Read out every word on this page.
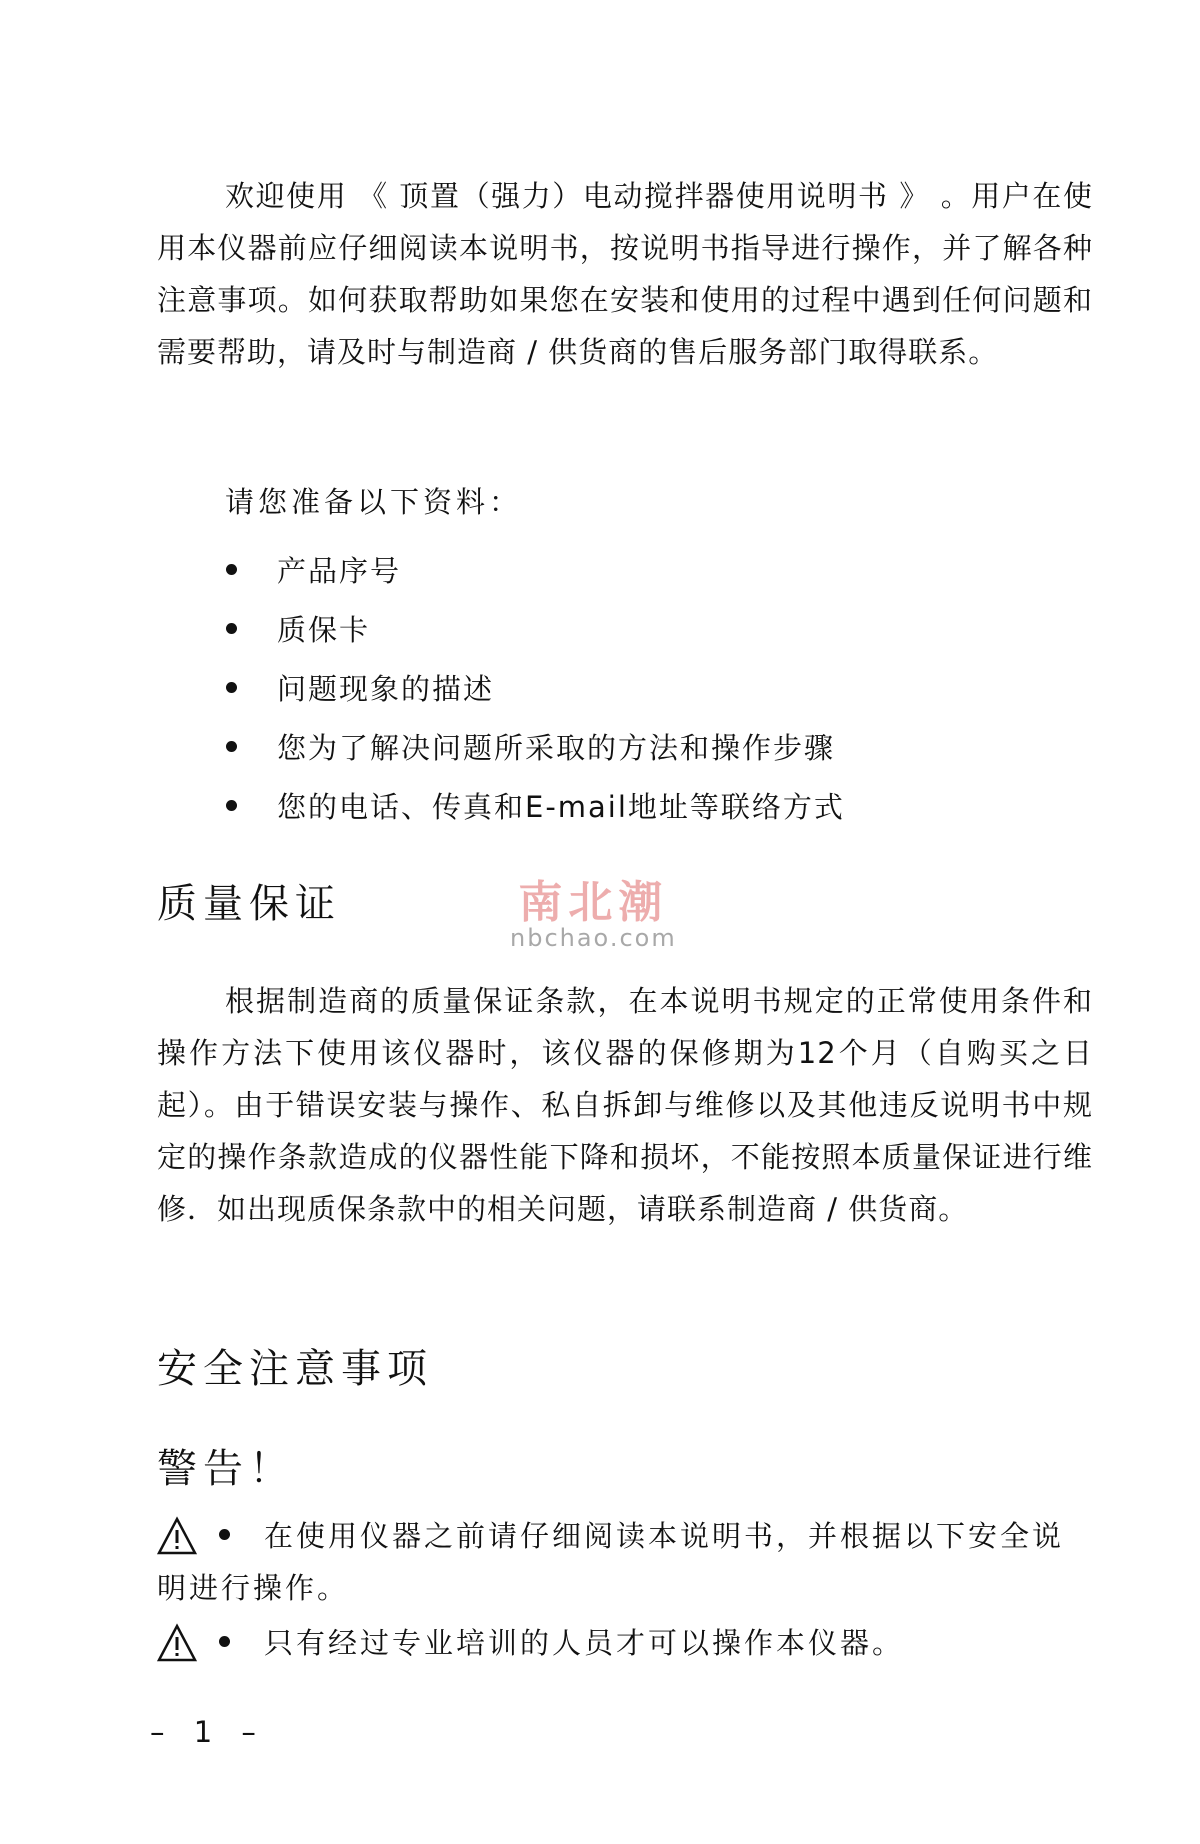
欢迎使用 《 顶置（强力）电动搅拌器使用说明书 》 。用户在使用本仪器前应仔细阅读本说明书，按说明书指导进行操作，并了解各种注意事项。如何获取帮助如果您在安装和使用的过程中遇到任何问题和需要帮助，请及时与制造商 / 供货商的售后服务部门取得联系。

请您准备以下资料：
产品序号
质保卡
问题现象的描述
您为了解决问题所采取的方法和操作步骤
您的电话、传真和E-mail地址等联络方式
质量保证	南北潮
nbchao.com

根据制造商的质量保证条款，在本说明书规定的正常使用条件和操作方法下使用该仪器时，该仪器的保修期为12个月（自购买之日起）。由于错误安装与操作、私自拆卸与维修以及其他违反说明书中规定的操作条款造成的仪器性能下降和损坏，不能按照本质量保证进行维修．如出现质保条款中的相关问题，请联系制造商 / 供货商。

安全注意事项
警告！
在使用仪器之前请仔细阅读本说明书，并根据以下安全说明进行操作。
只有经过专业培训的人员才可以操作本仪器。
– 1 –
